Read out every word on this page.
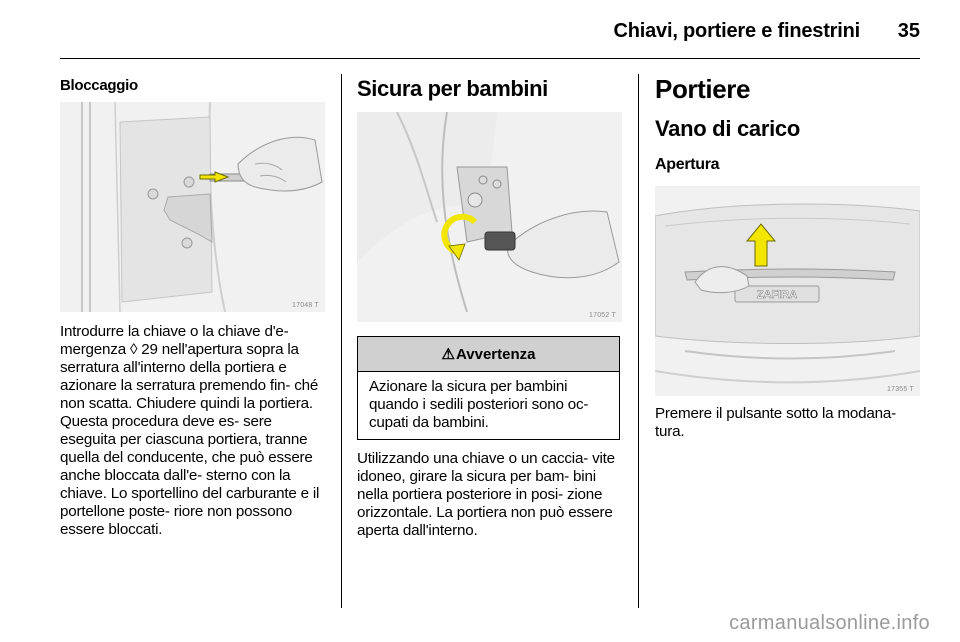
Chiavi, portiere e finestrini	35
Bloccaggio
17048 T
Introdurre la chiave o la chiave d'e- mergenza ◊ 29 nell'apertura sopra la serratura all'interno della portiera e azionare la serratura premendo fin- ché non scatta. Chiudere quindi la portiera. Questa procedura deve es- sere eseguita per ciascuna portiera, tranne quella del conducente, che può essere anche bloccata dall'e- sterno con la chiave. Lo sportellino del carburante e il portellone poste- riore non possono essere bloccati.
Sicura per bambini
17052 T
⚠ Avvertenza
Azionare la sicura per bambini quando i sedili posteriori sono oc- cupati da bambini.
Utilizzando una chiave o un caccia- vite idoneo, girare la sicura per bam- bini nella portiera posteriore in posi- zione orizzontale. La portiera non può essere aperta dall'interno.
Portiere
Vano di carico
Apertura
ZAFIRA
17355 T
Premere il pulsante sotto la modana- tura.
carmanualsonline.info
